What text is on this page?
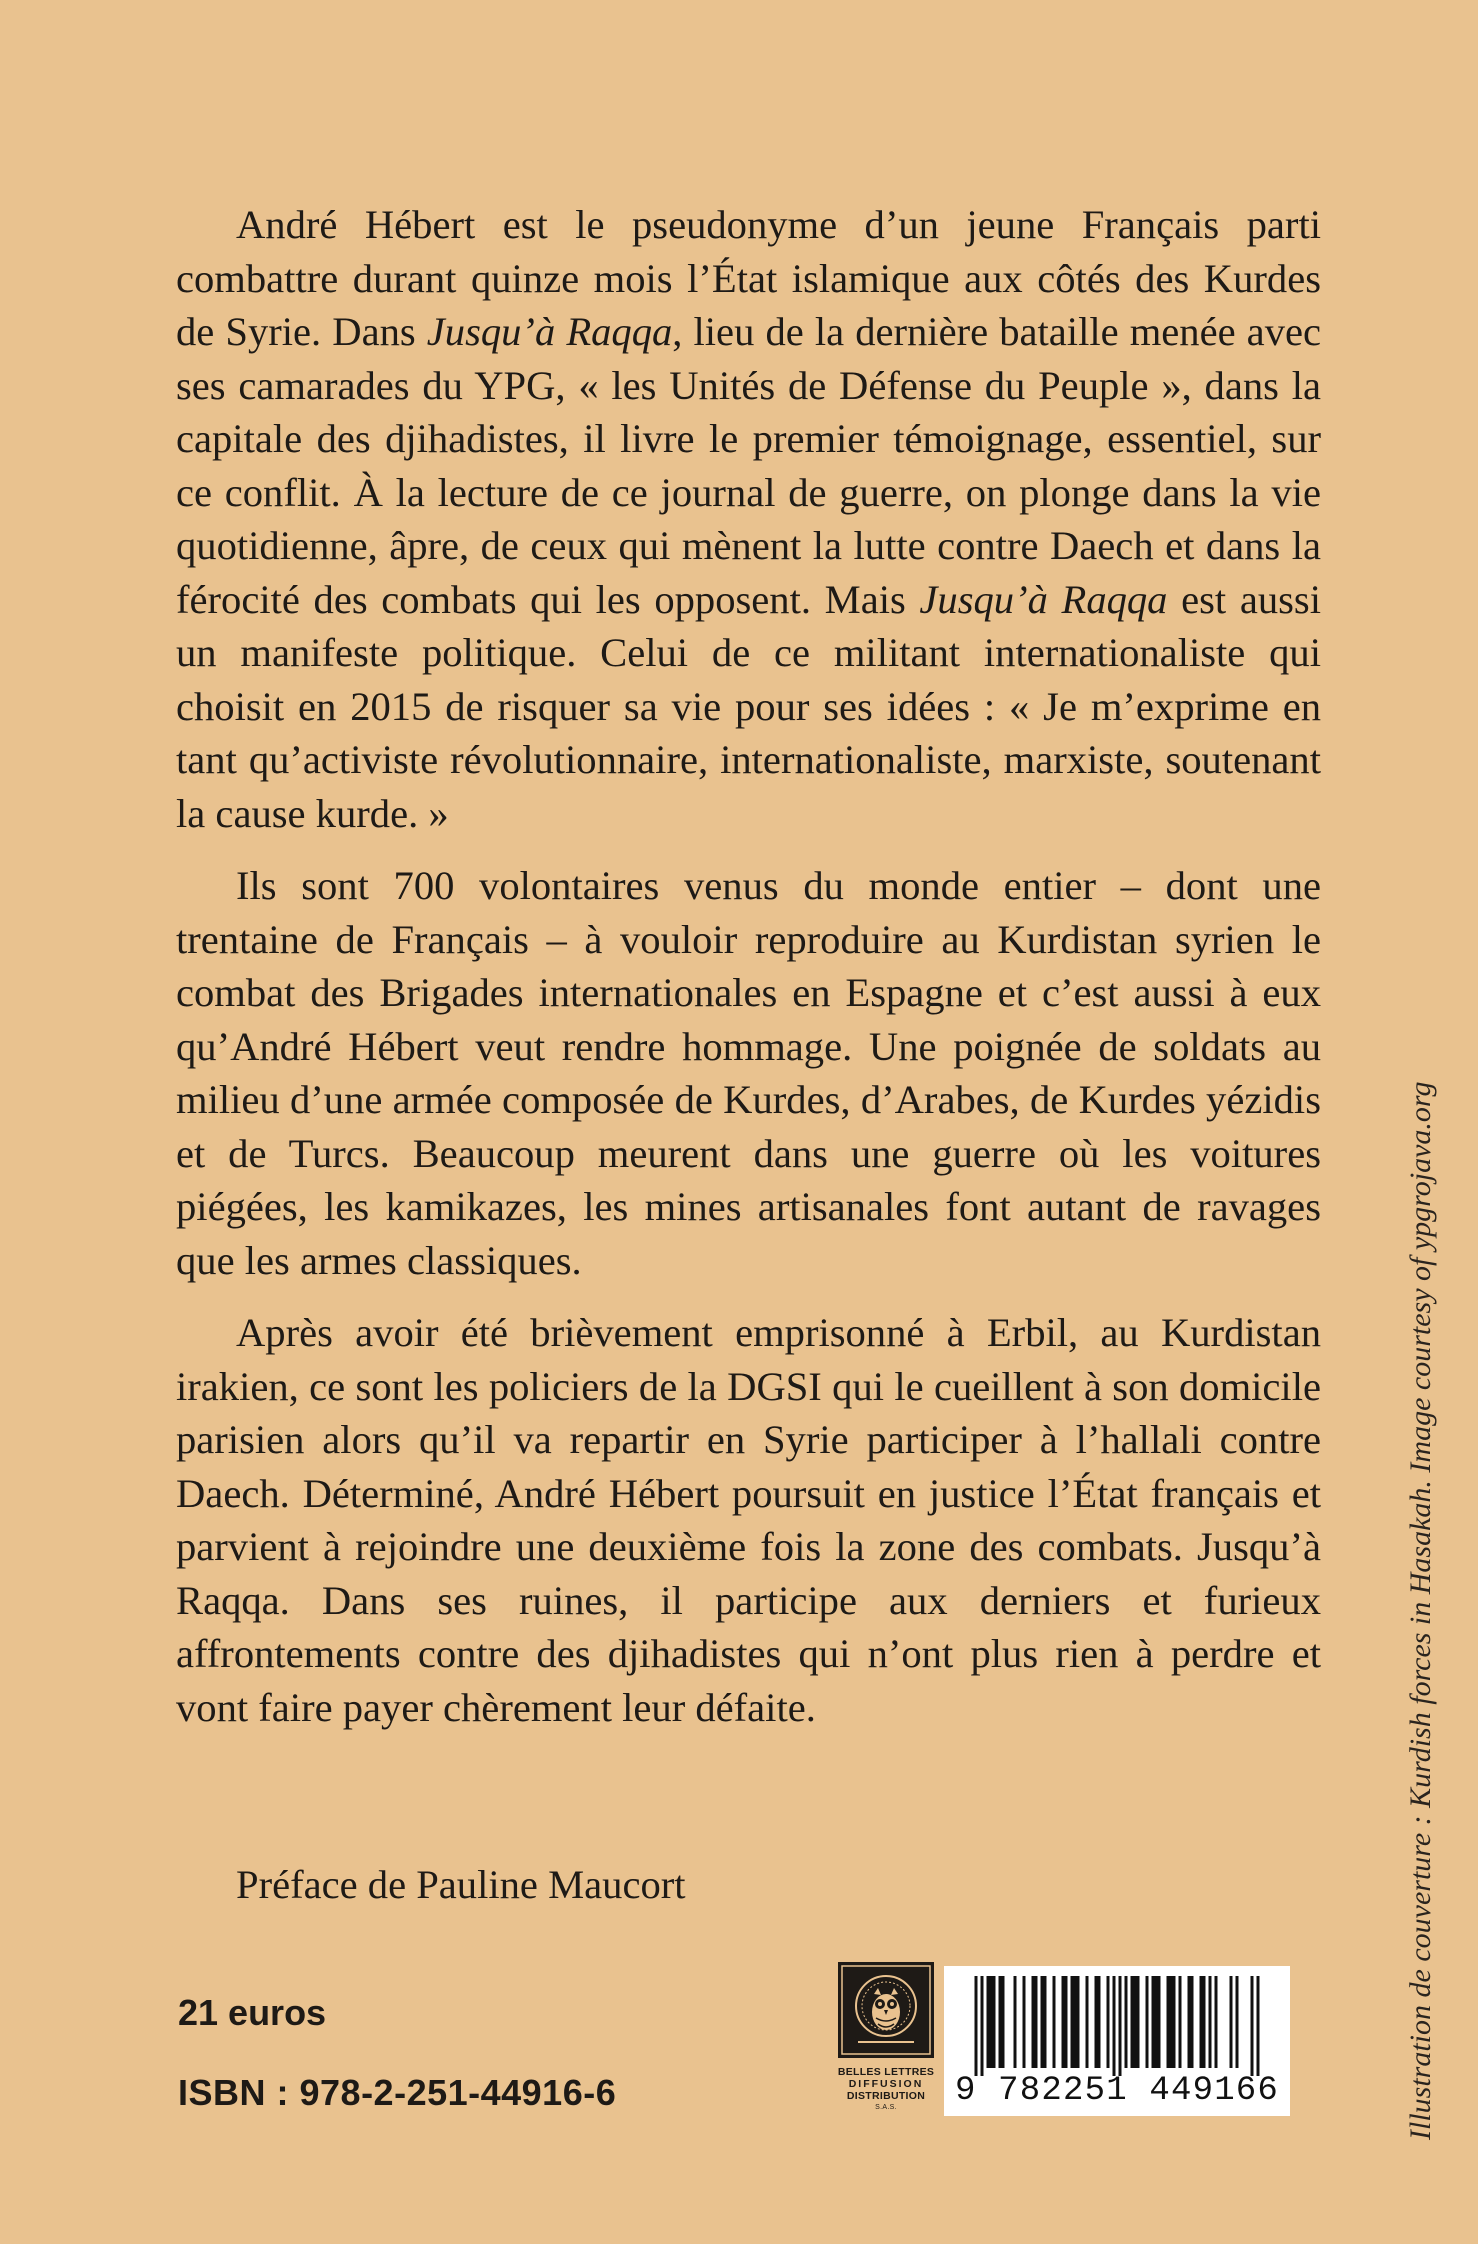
André Hébert est le pseudonyme d’un jeune Français parti combattre durant quinze mois l’État islamique aux côtés des Kurdes de Syrie. Dans Jusqu’à Raqqa, lieu de la dernière bataille menée avec ses camarades du YPG, « les Unités de Défense du Peuple », dans la capitale des djihadistes, il livre le premier témoignage, essentiel, sur ce conflit. À la lecture de ce journal de guerre, on plonge dans la vie quotidienne, âpre, de ceux qui mènent la lutte contre Daech et dans la férocité des combats qui les opposent. Mais Jusqu’à Raqqa est aussi un manifeste politique. Celui de ce militant internationaliste qui choisit en 2015 de risquer sa vie pour ses idées : « Je m’exprime en tant qu’activiste révolutionnaire, internationaliste, marxiste, soutenant la cause kurde. »

Ils sont 700 volontaires venus du monde entier – dont une trentaine de Français – à vouloir reproduire au Kurdistan syrien le combat des Brigades internationales en Espagne et c’est aussi à eux qu’André Hébert veut rendre hommage. Une poignée de soldats au milieu d’une armée composée de Kurdes, d’Arabes, de Kurdes yézidis et de Turcs. Beaucoup meurent dans une guerre où les voitures piégées, les kamikazes, les mines artisanales font autant de ravages que les armes classiques.

Après avoir été brièvement emprisonné à Erbil, au Kurdistan irakien, ce sont les policiers de la DGSI qui le cueillent à son domicile parisien alors qu’il va repartir en Syrie participer à l’hallali contre Daech. Déterminé, André Hébert poursuit en justice l’État français et parvient à rejoindre une deuxième fois la zone des combats. Jusqu’à Raqqa. Dans ses ruines, il participe aux derniers et furieux affrontements contre des djihadistes qui n’ont plus rien à perdre et vont faire payer chèrement leur défaite.

Préface de Pauline Maucort
21 euros
ISBN : 978-2-251-44916-6	BELLES LETTRES
DIFFUSION
DISTRIBUTION
S.A.S.	9 782251 449166	Illustration de couverture : Kurdish forces in Hasakah. Image courtesy of ypgrojava.org
